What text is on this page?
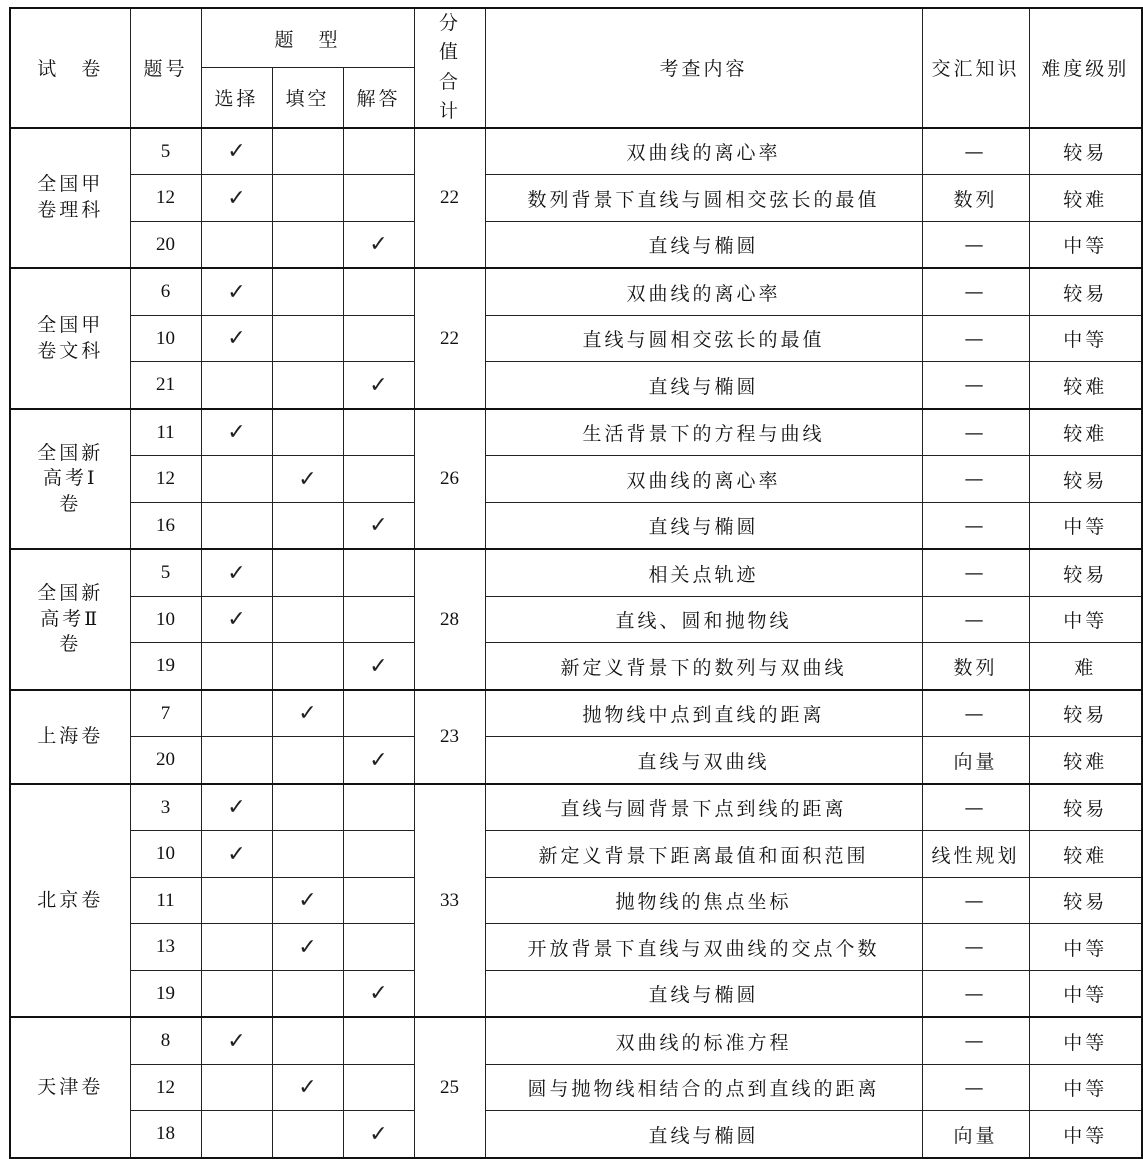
试　卷	题号	题　型			分值合计	考查内容	交汇知识	难度级别
		选择	填空	解答				

全国甲卷理科	5	✓			22	双曲线的离心率	—	较易
	12	✓				数列背景下直线与圆相交弦长的最值	数列	较难
	20			✓		直线与椭圆	—	中等

全国甲卷文科	6	✓			22	双曲线的离心率	—	较易
	10	✓				直线与圆相交弦长的最值	—	中等
	21			✓		直线与椭圆	—	较难

全国新高考Ⅰ卷	11	✓			26	生活背景下的方程与曲线	—	较难
	12		✓			双曲线的离心率	—	较易
	16			✓		直线与椭圆	—	中等

全国新高考Ⅱ卷	5	✓			28	相关点轨迹	—	较易
	10	✓				直线、圆和抛物线	—	中等
	19			✓		新定义背景下的数列与双曲线	数列	难

上海卷	7		✓		23	抛物线中点到直线的距离	—	较易
	20			✓		直线与双曲线	向量	较难

北京卷	3	✓			33	直线与圆背景下点到线的距离	—	较易
	10	✓				新定义背景下距离最值和面积范围	线性规划	较难
	11		✓			抛物线的焦点坐标	—	较易
	13		✓			开放背景下直线与双曲线的交点个数	—	中等
	19			✓		直线与椭圆	—	中等

天津卷	8	✓			25	双曲线的标准方程	—	中等
	12		✓			圆与抛物线相结合的点到直线的距离	—	中等
	18			✓		直线与椭圆	向量	中等
